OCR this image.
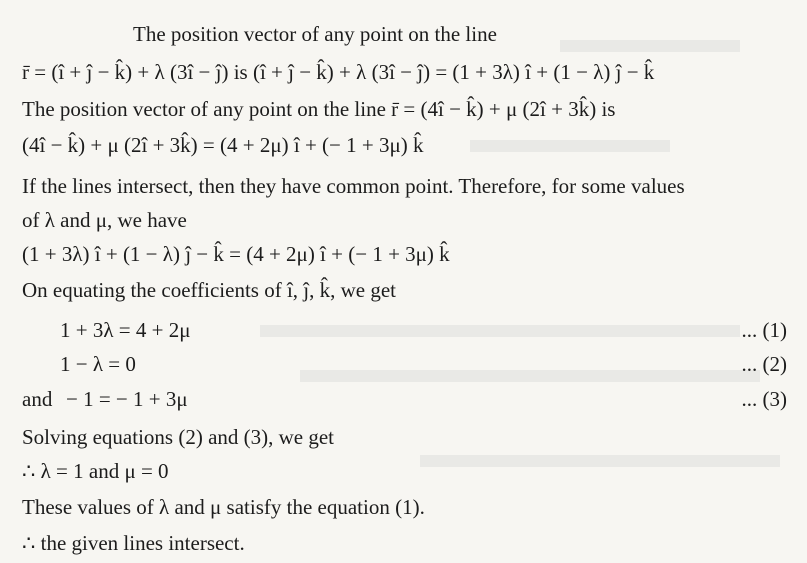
The position vector of any point on the line
r̄ = (î + ĵ − k̂) + λ (3î − ĵ) is (î + ĵ − k̂) + λ (3î − ĵ) = (1 + 3λ) î + (1 − λ) ĵ − k̂
The position vector of any point on the line r̄ = (4î − k̂) + μ (2î + 3k̂) is
(4î − k̂) + μ (2î + 3k̂) = (4 + 2μ) î + (− 1 + 3μ) k̂
If the lines intersect, then they have common point. Therefore, for some values
of λ and μ, we have
(1 + 3λ) î + (1 − λ) ĵ − k̂ = (4 + 2μ) î + (− 1 + 3μ) k̂
On equating the coefficients of î, ĵ, k̂, we get
1 + 3λ = 4 + 2μ	... (1)
1 − λ = 0	... (2)
and − 1 = − 1 + 3μ	... (3)
Solving equations (2) and (3), we get
∴ λ = 1 and μ = 0
These values of λ and μ satisfy the equation (1).
∴ the given lines intersect.
